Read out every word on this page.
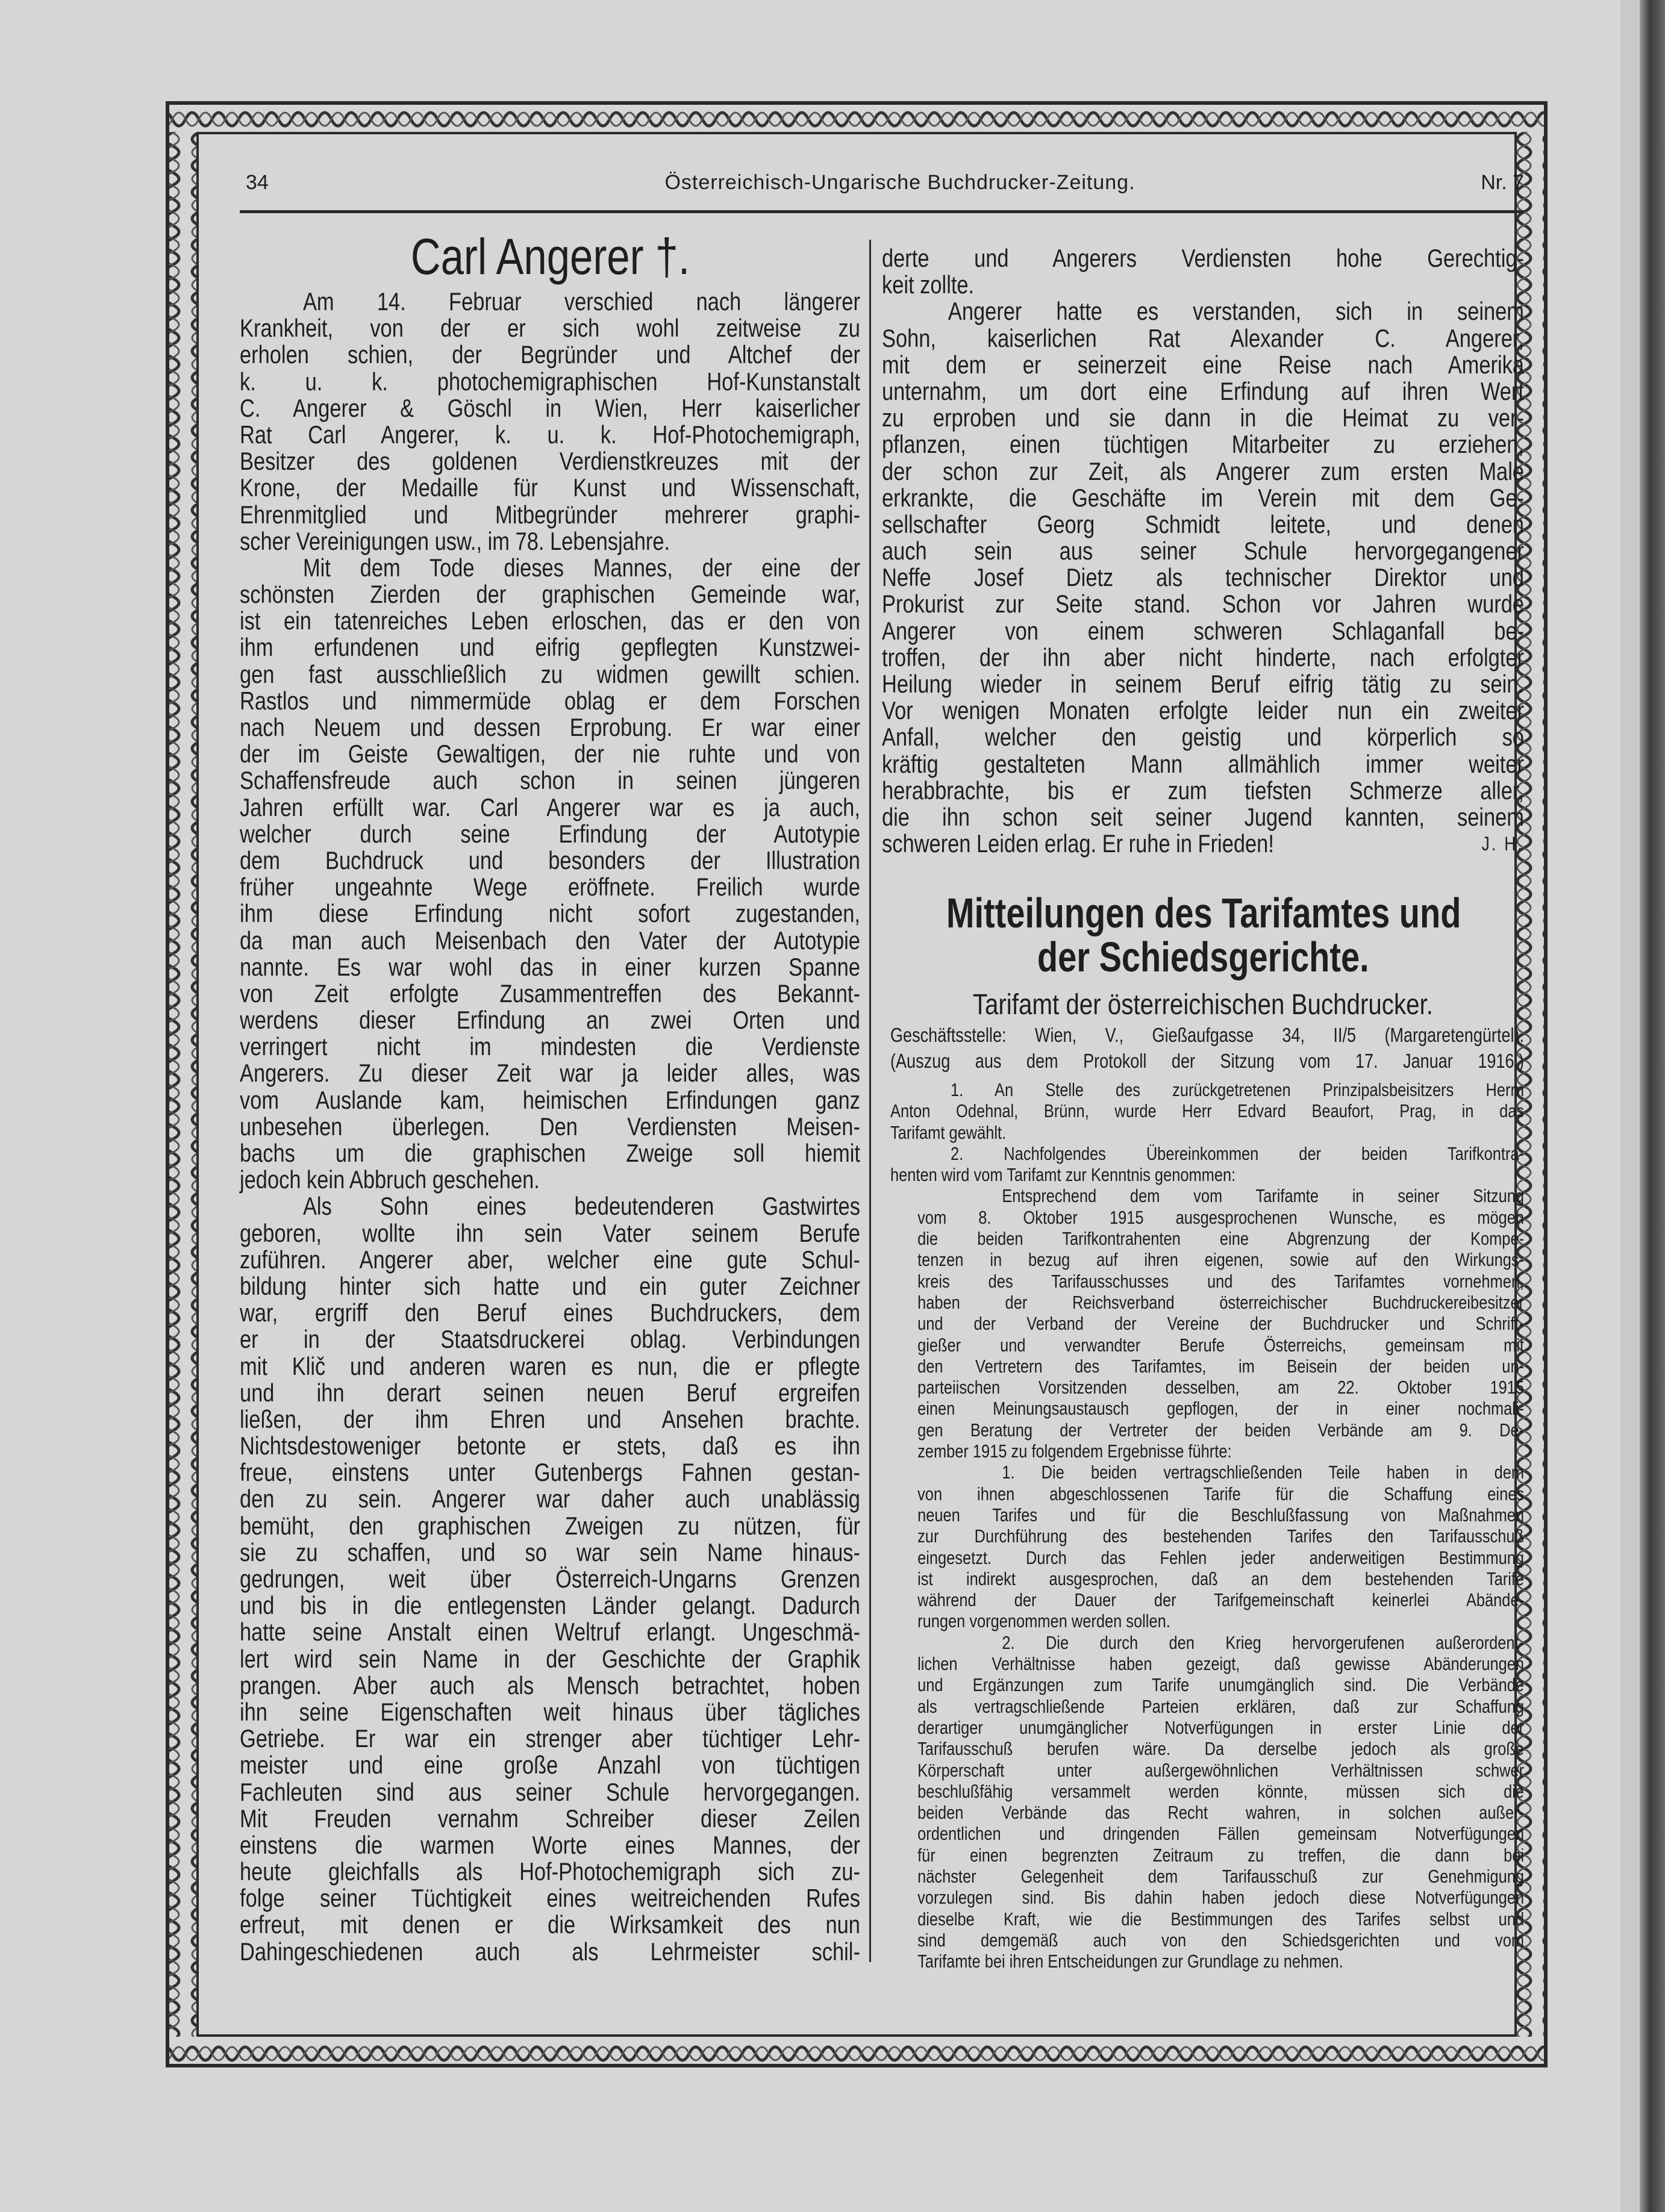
34	Österreichisch-Ungarische Buchdrucker-Zeitung.	Nr. 7
Carl Angerer †.
Am 14. Februar verschied nach längerer
Krankheit, von der er sich wohl zeitweise zu
erholen schien, der Begründer und Altchef der
k. u. k. photochemigraphischen Hof-Kunstanstalt
C. Angerer & Göschl in Wien, Herr kaiserlicher
Rat Carl Angerer, k. u. k. Hof-Photochemigraph,
Besitzer des goldenen Verdienstkreuzes mit der
Krone, der Medaille für Kunst und Wissenschaft,
Ehrenmitglied und Mitbegründer mehrerer graphi-
scher Vereinigungen usw., im 78. Lebensjahre.
Mit dem Tode dieses Mannes, der eine der
schönsten Zierden der graphischen Gemeinde war,
ist ein tatenreiches Leben erloschen, das er den von
ihm erfundenen und eifrig gepflegten Kunstzwei-
gen fast ausschließlich zu widmen gewillt schien.
Rastlos und nimmermüde oblag er dem Forschen
nach Neuem und dessen Erprobung. Er war einer
der im Geiste Gewaltigen, der nie ruhte und von
Schaffensfreude auch schon in seinen jüngeren
Jahren erfüllt war. Carl Angerer war es ja auch,
welcher durch seine Erfindung der Autotypie
dem Buchdruck und besonders der Illustration
früher ungeahnte Wege eröffnete. Freilich wurde
ihm diese Erfindung nicht sofort zugestanden,
da man auch Meisenbach den Vater der Autotypie
nannte. Es war wohl das in einer kurzen Spanne
von Zeit erfolgte Zusammentreffen des Bekannt-
werdens dieser Erfindung an zwei Orten und
verringert nicht im mindesten die Verdienste
Angerers. Zu dieser Zeit war ja leider alles, was
vom Auslande kam, heimischen Erfindungen ganz
unbesehen überlegen. Den Verdiensten Meisen-
bachs um die graphischen Zweige soll hiemit
jedoch kein Abbruch geschehen.
Als Sohn eines bedeutenderen Gastwirtes
geboren, wollte ihn sein Vater seinem Berufe
zuführen. Angerer aber, welcher eine gute Schul-
bildung hinter sich hatte und ein guter Zeichner
war, ergriff den Beruf eines Buchdruckers, dem
er in der Staatsdruckerei oblag. Verbindungen
mit Klič und anderen waren es nun, die er pflegte
und ihn derart seinen neuen Beruf ergreifen
ließen, der ihm Ehren und Ansehen brachte.
Nichtsdestoweniger betonte er stets, daß es ihn
freue, einstens unter Gutenbergs Fahnen gestan-
den zu sein. Angerer war daher auch unablässig
bemüht, den graphischen Zweigen zu nützen, für
sie zu schaffen, und so war sein Name hinaus-
gedrungen, weit über Österreich-Ungarns Grenzen
und bis in die entlegensten Länder gelangt. Dadurch
hatte seine Anstalt einen Weltruf erlangt. Ungeschmä-
lert wird sein Name in der Geschichte der Graphik
prangen. Aber auch als Mensch betrachtet, hoben
ihn seine Eigenschaften weit hinaus über tägliches
Getriebe. Er war ein strenger aber tüchtiger Lehr-
meister und eine große Anzahl von tüchtigen
Fachleuten sind aus seiner Schule hervorgegangen.
Mit Freuden vernahm Schreiber dieser Zeilen
einstens die warmen Worte eines Mannes, der
heute gleichfalls als Hof-Photochemigraph sich zu-
folge seiner Tüchtigkeit eines weitreichenden Rufes
erfreut, mit denen er die Wirksamkeit des nun
Dahingeschiedenen auch als Lehrmeister schil-
derte und Angerers Verdiensten hohe Gerechtig-
keit zollte.
Angerer hatte es verstanden, sich in seinem
Sohn, kaiserlichen Rat Alexander C. Angerer,
mit dem er seinerzeit eine Reise nach Amerika
unternahm, um dort eine Erfindung auf ihren Wert
zu erproben und sie dann in die Heimat zu ver-
pflanzen, einen tüchtigen Mitarbeiter zu erziehen,
der schon zur Zeit, als Angerer zum ersten Male
erkrankte, die Geschäfte im Verein mit dem Ge-
sellschafter Georg Schmidt leitete, und denen
auch sein aus seiner Schule hervorgegangener
Neffe Josef Dietz als technischer Direktor und
Prokurist zur Seite stand. Schon vor Jahren wurde
Angerer von einem schweren Schlaganfall be-
troffen, der ihn aber nicht hinderte, nach erfolgter
Heilung wieder in seinem Beruf eifrig tätig zu sein.
Vor wenigen Monaten erfolgte leider nun ein zweiter
Anfall, welcher den geistig und körperlich so
kräftig gestalteten Mann allmählich immer weiter
herabbrachte, bis er zum tiefsten Schmerze aller,
die ihn schon seit seiner Jugend kannten, seinem
schweren Leiden erlag. Er ruhe in Frieden!	J. H.
Mitteilungen des Tarifamtes und
der Schiedsgerichte.
Tarifamt der österreichischen Buchdrucker.
Geschäftsstelle: Wien, V., Gießaufgasse 34, II/5 (Margaretengürtel).
(Auszug aus dem Protokoll der Sitzung vom 17. Januar 1916.)
1. An Stelle des zurückgetretenen Prinzipalsbeisitzers Herrn
Anton Odehnal, Brünn, wurde Herr Edvard Beaufort, Prag, in das
Tarifamt gewählt.
2. Nachfolgendes Übereinkommen der beiden Tarifkontra-
henten wird vom Tarifamt zur Kenntnis genommen:
Entsprechend dem vom Tarifamte in seiner Sitzung
vom 8. Oktober 1915 ausgesprochenen Wunsche, es mögen
die beiden Tarifkontrahenten eine Abgrenzung der Kompe-
tenzen in bezug auf ihren eigenen, sowie auf den Wirkungs-
kreis des Tarifausschusses und des Tarifamtes vornehmen,
haben der Reichsverband österreichischer Buchdruckereibesitzer
und der Verband der Vereine der Buchdrucker und Schrift-
gießer und verwandter Berufe Österreichs, gemeinsam mit
den Vertretern des Tarifamtes, im Beisein der beiden un-
parteiischen Vorsitzenden desselben, am 22. Oktober 1915
einen Meinungsaustausch gepflogen, der in einer nochmali-
gen Beratung der Vertreter der beiden Verbände am 9. De-
zember 1915 zu folgendem Ergebnisse führte:
1. Die beiden vertragschließenden Teile haben in dem
von ihnen abgeschlossenen Tarife für die Schaffung eines
neuen Tarifes und für die Beschlußfassung von Maßnahmen
zur Durchführung des bestehenden Tarifes den Tarifausschuß
eingesetzt. Durch das Fehlen jeder anderweitigen Bestimmung
ist indirekt ausgesprochen, daß an dem bestehenden Tarife
während der Dauer der Tarifgemeinschaft keinerlei Abände-
rungen vorgenommen werden sollen.
2. Die durch den Krieg hervorgerufenen außerordent-
lichen Verhältnisse haben gezeigt, daß gewisse Abänderungen
und Ergänzungen zum Tarife unumgänglich sind. Die Verbände
als vertragschließende Parteien erklären, daß zur Schaffung
derartiger unumgänglicher Notverfügungen in erster Linie der
Tarifausschuß berufen wäre. Da derselbe jedoch als große
Körperschaft unter außergewöhnlichen Verhältnissen schwer
beschlußfähig versammelt werden könnte, müssen sich die
beiden Verbände das Recht wahren, in solchen außer-
ordentlichen und dringenden Fällen gemeinsam Notverfügungen
für einen begrenzten Zeitraum zu treffen, die dann bei
nächster Gelegenheit dem Tarifausschuß zur Genehmigung
vorzulegen sind. Bis dahin haben jedoch diese Notverfügungen
dieselbe Kraft, wie die Bestimmungen des Tarifes selbst und
sind demgemäß auch von den Schiedsgerichten und vom
Tarifamte bei ihren Entscheidungen zur Grundlage zu nehmen.
